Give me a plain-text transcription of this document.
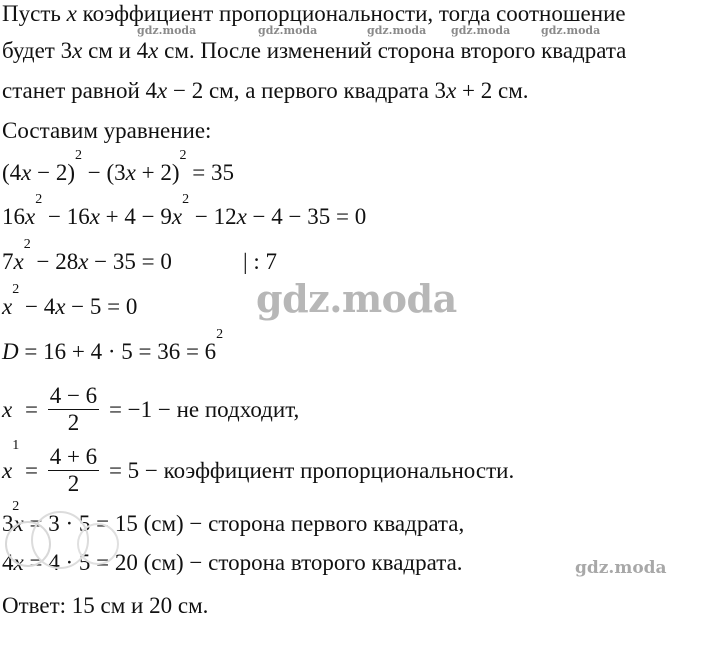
gdz.moda	gdz.moda	gdz.moda gdz.moda	gdz.moda
Пусть x коэффициент пропорциональности, тогда соотношение
будет 3x см и 4x см. После изменений сторона второго квадрата
станет равной 4x − 2 см, а первого квадрата 3x + 2 см.
Составим уравнение:
$(4x - 2)^2 - (3x + 2)^2 = 35$
$16x^2 - 16x + 4 - 9x^2 - 12x - 4 - 35 = 0$
$7x^2 - 28x - 35 = 0$	| : 7
$x^2 - 4x - 5 = 0$	gdz.moda
$D = 16 + 4 \cdot 5 = 36 = 6^2$
$x_1 = \frac{4 - 6}{2} = -1$ − не подходит,
$x_2 = \frac{4 + 6}{2} = 5$ − коэффициент пропорциональности.
3x = 3 · 5 = 15 (см) − сторона первого квадрата,
4x = 4 · 5 = 20 (см) − сторона второго квадрата.	gdz.moda
Ответ: 15 см и 20 см.
